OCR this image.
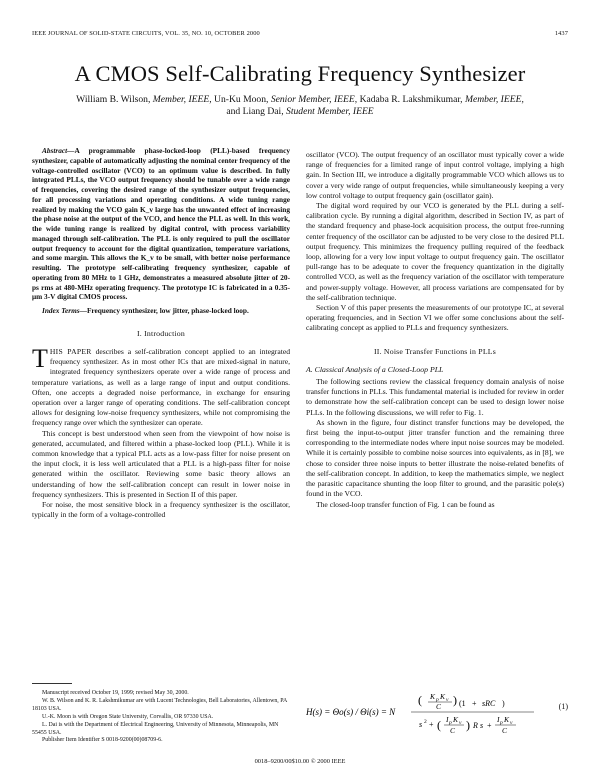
IEEE JOURNAL OF SOLID-STATE CIRCUITS, VOL. 35, NO. 10, OCTOBER 2000	1437
A CMOS Self-Calibrating Frequency Synthesizer
William B. Wilson, Member, IEEE, Un-Ku Moon, Senior Member, IEEE, Kadaba R. Lakshmikumar, Member, IEEE,
and Liang Dai, Student Member, IEEE

Abstract—A programmable phase-locked-loop (PLL)-based frequency synthesizer, capable of automatically adjusting the nominal center frequency of the voltage-controlled oscillator (VCO) to an optimum value is described. In fully integrated PLLs, the VCO output frequency should be tunable over a wide range of frequencies, covering the desired range of the synthesizer output frequencies, for all processing variations and operating conditions. A wide tuning range realized by making the VCO gain K_v large has the unwanted effect of increasing the phase noise at the output of the VCO, and hence the PLL as well. In this work, the wide tuning range is realized by digital control, with process variability managed through self-calibration. The PLL is only required to pull the oscillator output frequency to account for the digital quantization, temperature variations, and some margin. This allows the K_v to be small, with better noise performance resulting. The prototype self-calibrating frequency synthesizer, capable of operating from 80 MHz to 1 GHz, demonstrates a measured absolute jitter of 20-ps rms at 480-MHz operating frequency. The prototype IC is fabricated in a 0.35-μm 3-V digital CMOS process.

Index Terms—Frequency synthesizer, low jitter, phase-locked loop.

I. Introduction

THIS PAPER describes a self-calibration concept applied to an integrated frequency synthesizer. As in most other ICs that are mixed-signal in nature, integrated frequency synthesizers operate over a wide range of process and temperature variations, as well as a large range of input and output conditions. Often, one accepts a degraded noise performance, in exchange for ensuring operation over a larger range of operating conditions. The self-calibration concept allows for designing low-noise frequency synthesizers, while not compromising the frequency range over which the synthesizer can operate.

This concept is best understood when seen from the viewpoint of how noise is generated, accumulated, and filtered within a phase-locked loop (PLL). While it is common knowledge that a typical PLL acts as a low-pass filter for noise present on the input clock, it is less well articulated that a PLL is a high-pass filter for noise generated within the oscillator. Reviewing some basic theory allows an understanding of how the self-calibration concept can result in lower noise in frequency synthesizers. This is presented in Section II of this paper.

For noise, the most sensitive block in a frequency synthesizer is the oscillator, typically in the form of a voltage-controlled

Manuscript received October 19, 1999; revised May 30, 2000.

W. B. Wilson and K. R. Lakshmikumar are with Lucent Technologies, Bell Laboratories, Allentown, PA 18103 USA.

U.-K. Moon is with Oregon State University, Corvallis, OR 97330 USA.

L. Dai is with the Department of Electrical Engineering, University of Minnesota, Minneapolis, MN 55455 USA.

Publisher Item Identifier S 0018-9200(00)08709-6.

oscillator (VCO). The output frequency of an oscillator must typically cover a wide range of frequencies for a limited range of input control voltage, implying a high gain. In Section III, we introduce a digitally programmable VCO which allows us to cover a very wide range of output frequencies, while simultaneously keeping a very low control voltage to output frequency gain (oscillator gain).

The digital word required by our VCO is generated by the PLL during a self-calibration cycle. By running a digital algorithm, described in Section IV, as part of the standard frequency and phase-lock acquisition process, the output free-running center frequency of the oscillator can be adjusted to be very close to the desired PLL output frequency. This minimizes the frequency pulling required of the feedback loop, allowing for a very low input voltage to output frequency gain. The oscillator pull-range has to be adequate to cover the frequency quantization in the digitally controlled VCO, as well as the frequency variation of the oscillator with temperature and power-supply voltage. However, all process variations are compensated for by the self-calibration technique.

Section V of this paper presents the measurements of our prototype IC, at several operating frequencies, and in Section VI we offer some conclusions about the self-calibrating concept as applied to PLLs and frequency synthesizers.

II. Noise Transfer Functions in PLLs
A. Classical Analysis of a Closed-Loop PLL

The following sections review the classical frequency domain analysis of noise transfer functions in PLLs. This fundamental material is included for review in order to demonstrate how the self-calibration concept can be used to design lower noise PLLs. In the following discussions, we will refer to Fig. 1.

As shown in the figure, four distinct transfer functions may be developed, the first being the input-to-output jitter transfer function and the remaining three corresponding to the intermediate nodes where input noise sources may be modeled. While it is certainly possible to combine noise sources into equivalents, as in [8], we chose to consider three noise inputs to better illustrate the noise-related benefits of the self-calibration concept. In addition, to keep the mathematics simple, we neglect the parasitic capacitance shunting the loop filter to ground, and the parasitic pole(s) found in the VCO.

The closed-loop transfer function of Fig. 1 can be found as

H(s) = Θo(s) / Θi(s) = N
( K p K v
C ) (1 + sRC )
s 2 + ( I p K v
C ) R s +
I p K v
C
(1)
0018–9200/00$10.00 © 2000 IEEE
